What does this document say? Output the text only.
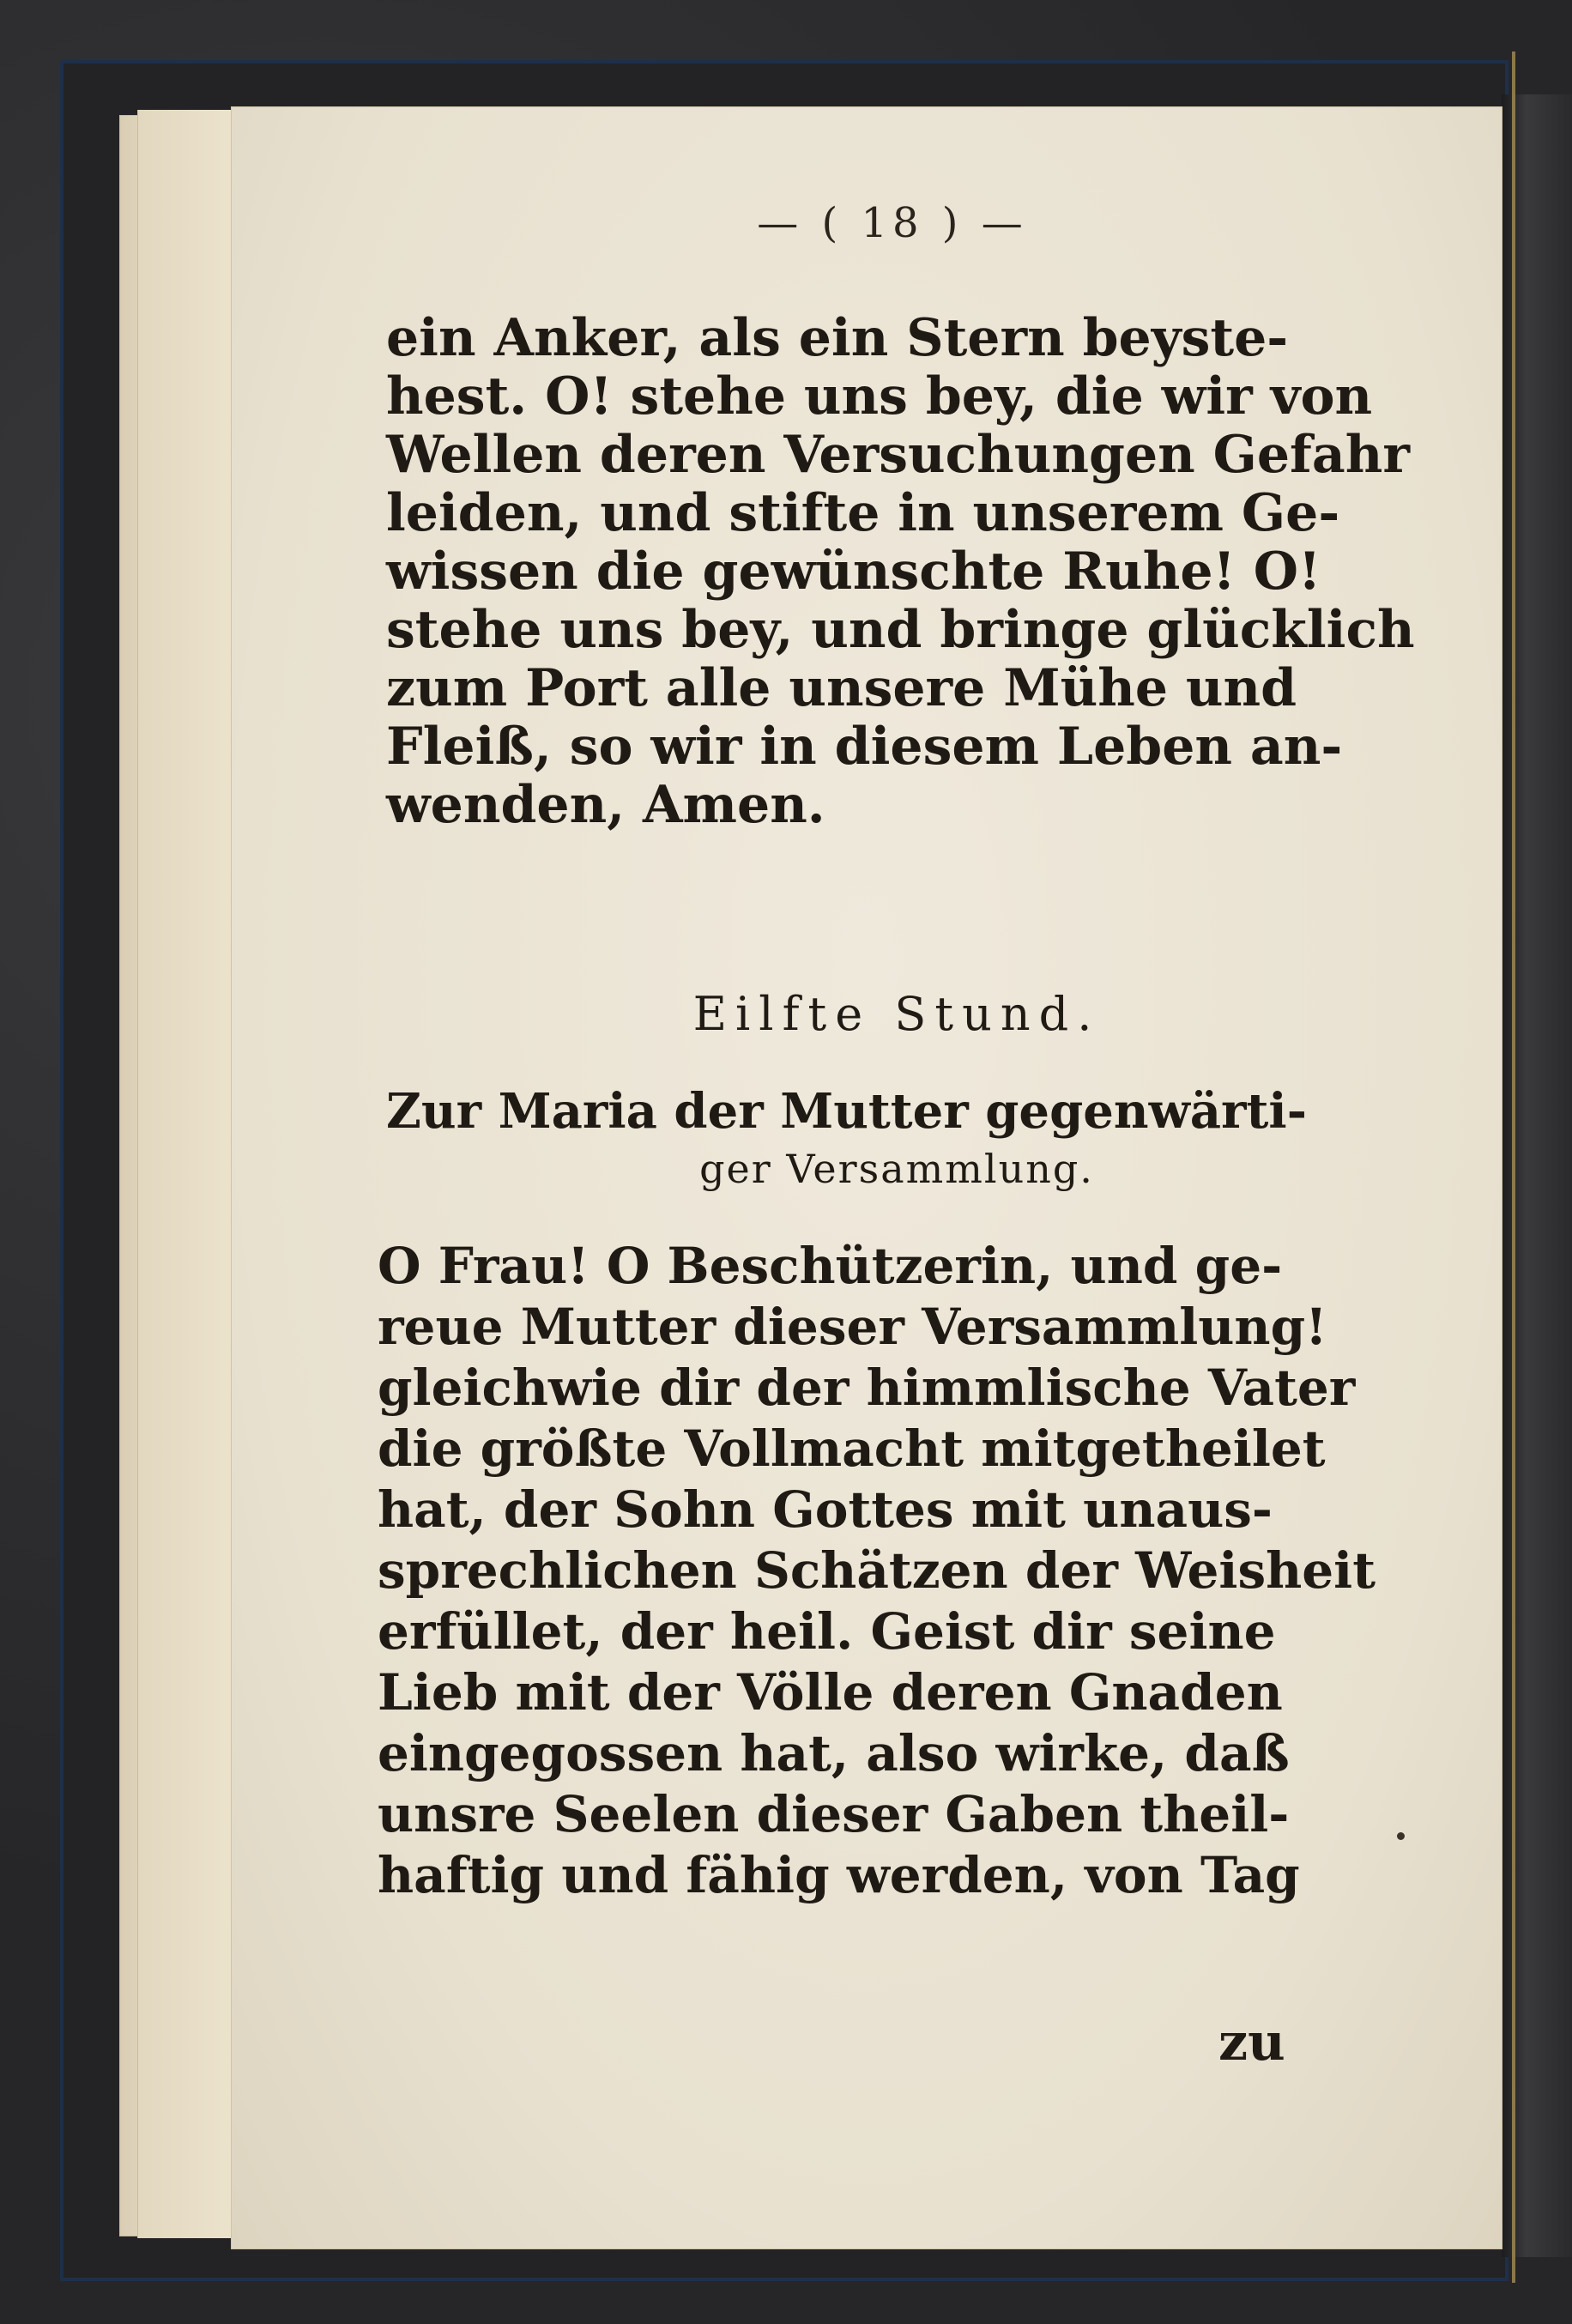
— ( 18 ) —
ein Anker, als ein Stern beyste-
hest. O! stehe uns bey, die wir von
Wellen deren Versuchungen Gefahr
leiden, und stifte in unserem Ge-
wissen die gewünschte Ruhe! O!
stehe uns bey, und bringe glücklich
zum Port alle unsere Mühe und
Fleiß, so wir in diesem Leben an-
wenden, Amen.
Eilfte Stund.
Zur Maria der Mutter gegenwärti-
ger Versammlung.
O Frau! O Beschützerin, und ge-
reue Mutter dieser Versammlung!
gleichwie dir der himmlische Vater
die größte Vollmacht mitgetheilet
hat, der Sohn Gottes mit unaus-
sprechlichen Schätzen der Weisheit
erfüllet, der heil. Geist dir seine
Lieb mit der Völle deren Gnaden
eingegossen hat, also wirke, daß
unsre Seelen dieser Gaben theil-
haftig und fähig werden, von Tag
zu
